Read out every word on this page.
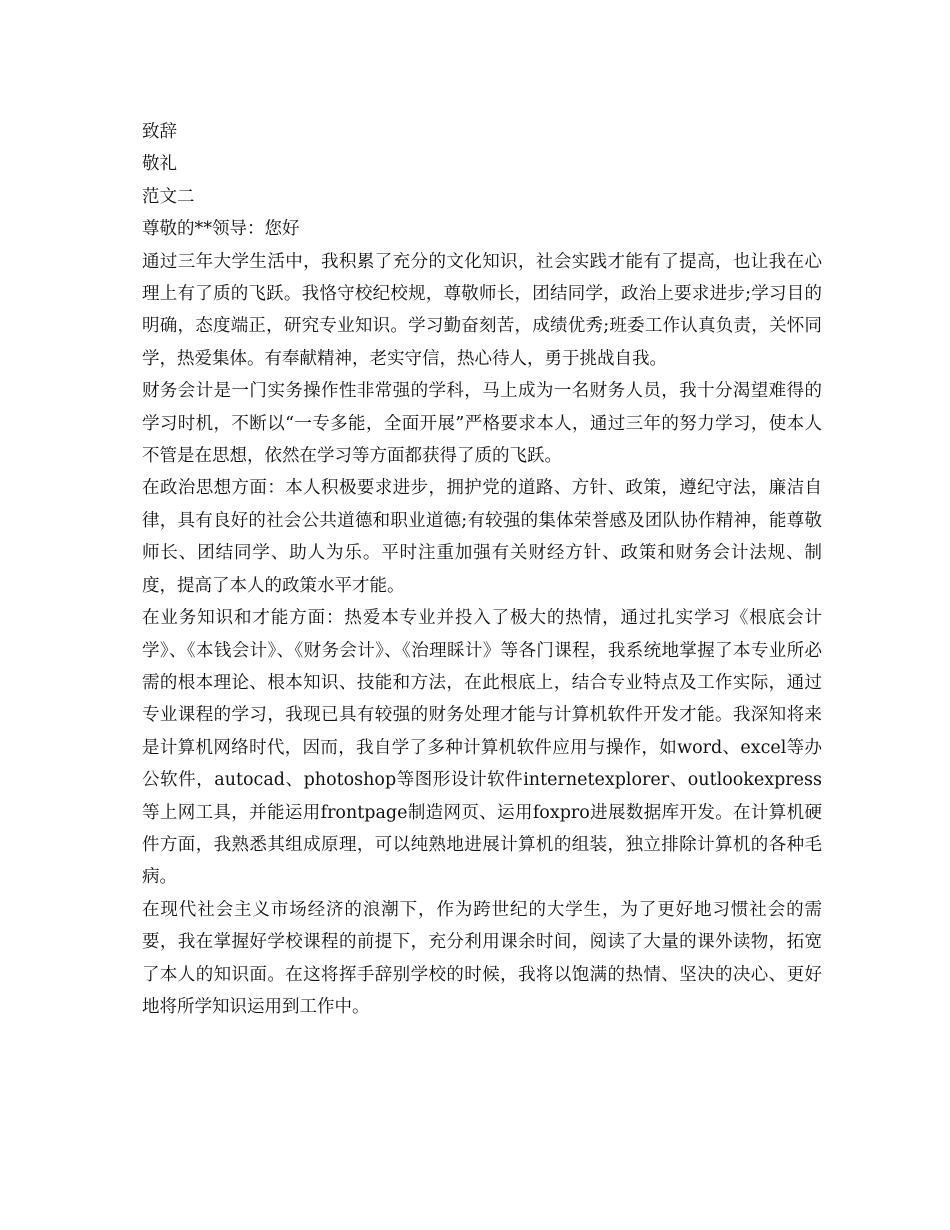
致辞

敬礼

范文二

尊敬的**领导：您好

通过三年大学生活中，我积累了充分的文化知识，社会实践才能有了提高，也让我在心理上有了质的飞跃。我恪守校纪校规，尊敬师长，团结同学，政治上要求进步;学习目的明确，态度端正，研究专业知识。学习勤奋刻苦，成绩优秀;班委工作认真负责，关怀同学，热爱集体。有奉献精神，老实守信，热心待人，勇于挑战自我。

财务会计是一门实务操作性非常强的学科，马上成为一名财务人员，我十分渴望难得的学习时机，不断以“一专多能，全面开展”严格要求本人，通过三年的努力学习，使本人不管是在思想，依然在学习等方面都获得了质的飞跃。

在政治思想方面：本人积极要求进步，拥护党的道路、方针、政策，遵纪守法，廉洁自律，具有良好的社会公共道德和职业道德;有较强的集体荣誉感及团队协作精神，能尊敬师长、团结同学、助人为乐。平时注重加强有关财经方针、政策和财务会计法规、制度，提高了本人的政策水平才能。

在业务知识和才能方面：热爱本专业并投入了极大的热情，通过扎实学习《根底会计学》、《本钱会计》、《财务会计》、《治理睬计》等各门课程，我系统地掌握了本专业所必需的根本理论、根本知识、技能和方法，在此根底上，结合专业特点及工作实际，通过专业课程的学习，我现已具有较强的财务处理才能与计算机软件开发才能。我深知将来是计算机网络时代，因而，我自学了多种计算机软件应用与操作，如word、excel等办公软件，autocad、photoshop等图形设计软件internetexplorer、outlookexpress等上网工具，并能运用frontpage制造网页、运用foxpro进展数据库开发。在计算机硬件方面，我熟悉其组成原理，可以纯熟地进展计算机的组装，独立排除计算机的各种毛病。

在现代社会主义市场经济的浪潮下，作为跨世纪的大学生，为了更好地习惯社会的需要，我在掌握好学校课程的前提下，充分利用课余时间，阅读了大量的课外读物，拓宽了本人的知识面。在这将挥手辞别学校的时候，我将以饱满的热情、坚决的决心、更好地将所学知识运用到工作中。
